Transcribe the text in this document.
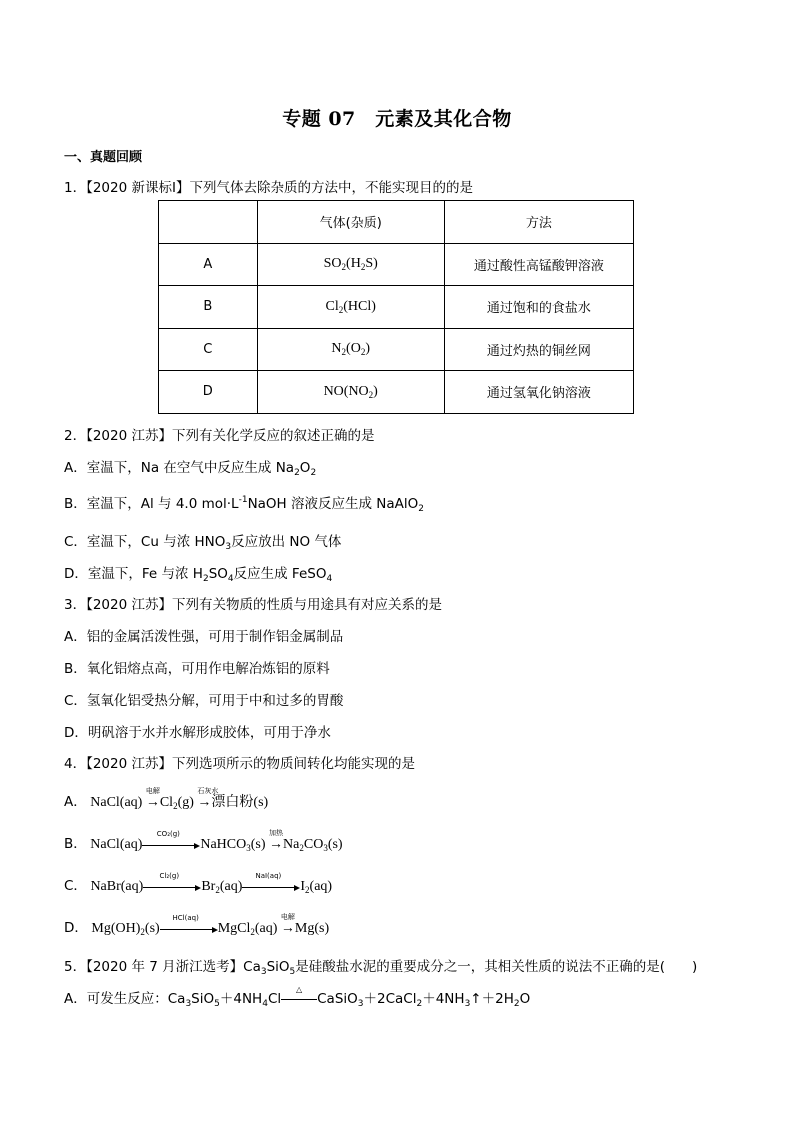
专题 07　元素及其化合物
一、真题回顾
1．【2020 新课标Ⅰ】下列气体去除杂质的方法中，不能实现目的的是
	气体(杂质)	方法
A	$SO_2(H_2S)$	通过酸性高锰酸钾溶液
B	$Cl_2(HCl)$	通过饱和的食盐水
C	$N_2(O_2)$	通过灼热的铜丝网
D	$NO(NO_2)$	通过氢氧化钠溶液
2．【2020 江苏】下列有关化学反应的叙述正确的是
A．室温下，Na 在空气中反应生成 $Na_2O_2$
B．室温下，Al 与 4.0 $mol\cdot L^{-1}NaOH$ 溶液反应生成 NaAlO$_2$
C．室温下，Cu 与浓 $HNO_3$反应放出 NO 气体
D．室温下，Fe 与浓 $H_2SO_4$反应生成 FeSO$_4$
3．【2020 江苏】下列有关物质的性质与用途具有对应关系的是
A．铝的金属活泼性强，可用于制作铝金属制品
B．氧化铝熔点高，可用作电解冶炼铝的原料
C．氢氧化铝受热分解，可用于中和过多的胃酸
D．明矾溶于水并水解形成胶体，可用于净水
4．【2020 江苏】下列选项所示的物质间转化均能实现的是
A． NaCl(aq)
电解
$\to Cl_2(g)$
石灰水
→漂白粉(s)
B． NaCl(aq)
CO₂(g)
NaHCO$_3$(s)
加热
$\to Na_2CO_3(s)$
C． NaBr(aq)
Cl₂(g)
$Br_2(aq)$
NaI(aq)
$I_2(aq)$
D． $Mg(OH)_2(s)$
HCl(aq)
MgCl$_2$(aq)
电解
→Mg(s)
5．【2020 年 7 月浙江选考】$Ca_3SiO_5$是硅酸盐水泥的重要成分之一，其相关性质的说法不正确的是(　　)
A．可发生反应：$Ca_3SiO_5+4NH_4Cl$
△
$CaSiO_3+2CaCl_2+4NH_3↑+2H_2O$
